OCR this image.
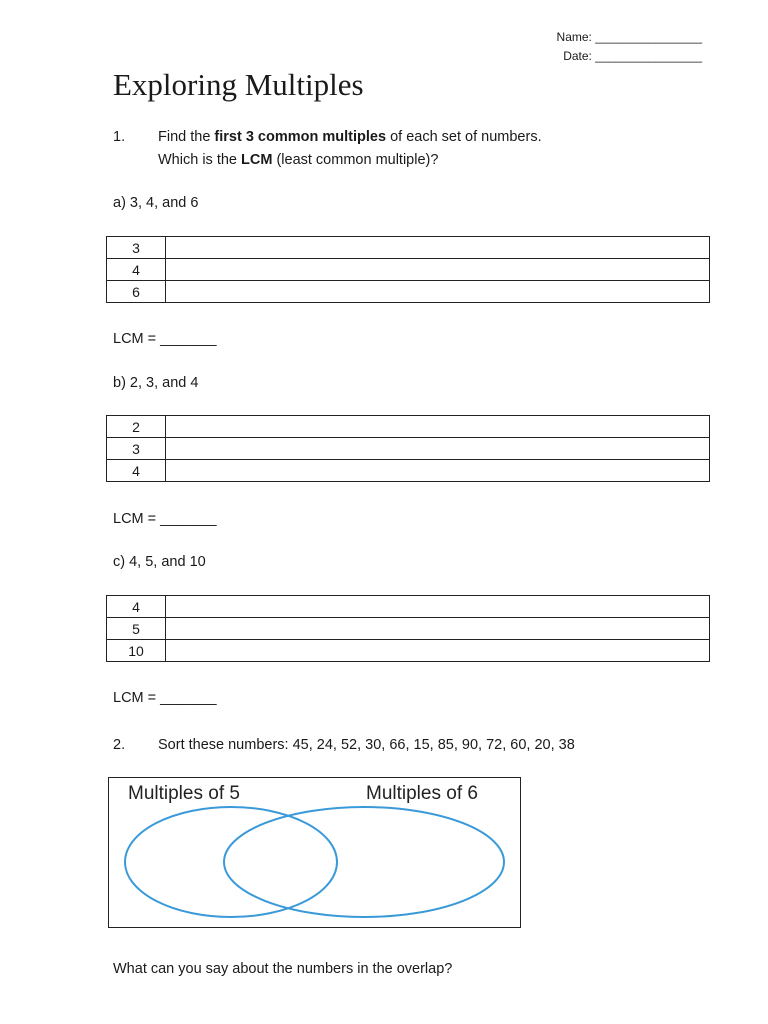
Name: ________________
Date: ________________
Exploring Multiples
1. Find the first 3 common multiples of each set of numbers.
Which is the LCM (least common multiple)?
a) 3, 4, and 6
3	
4	
6	
LCM = _______
b) 2, 3, and 4
2	
3	
4	
LCM = _______
c) 4, 5, and 10
4	
5	
10	
LCM = _______
2. Sort these numbers: 45, 24, 52, 30, 66, 15, 85, 90, 72, 60, 20, 38
Multiples of 5	Multiples of 6
What can you say about the numbers in the overlap?
